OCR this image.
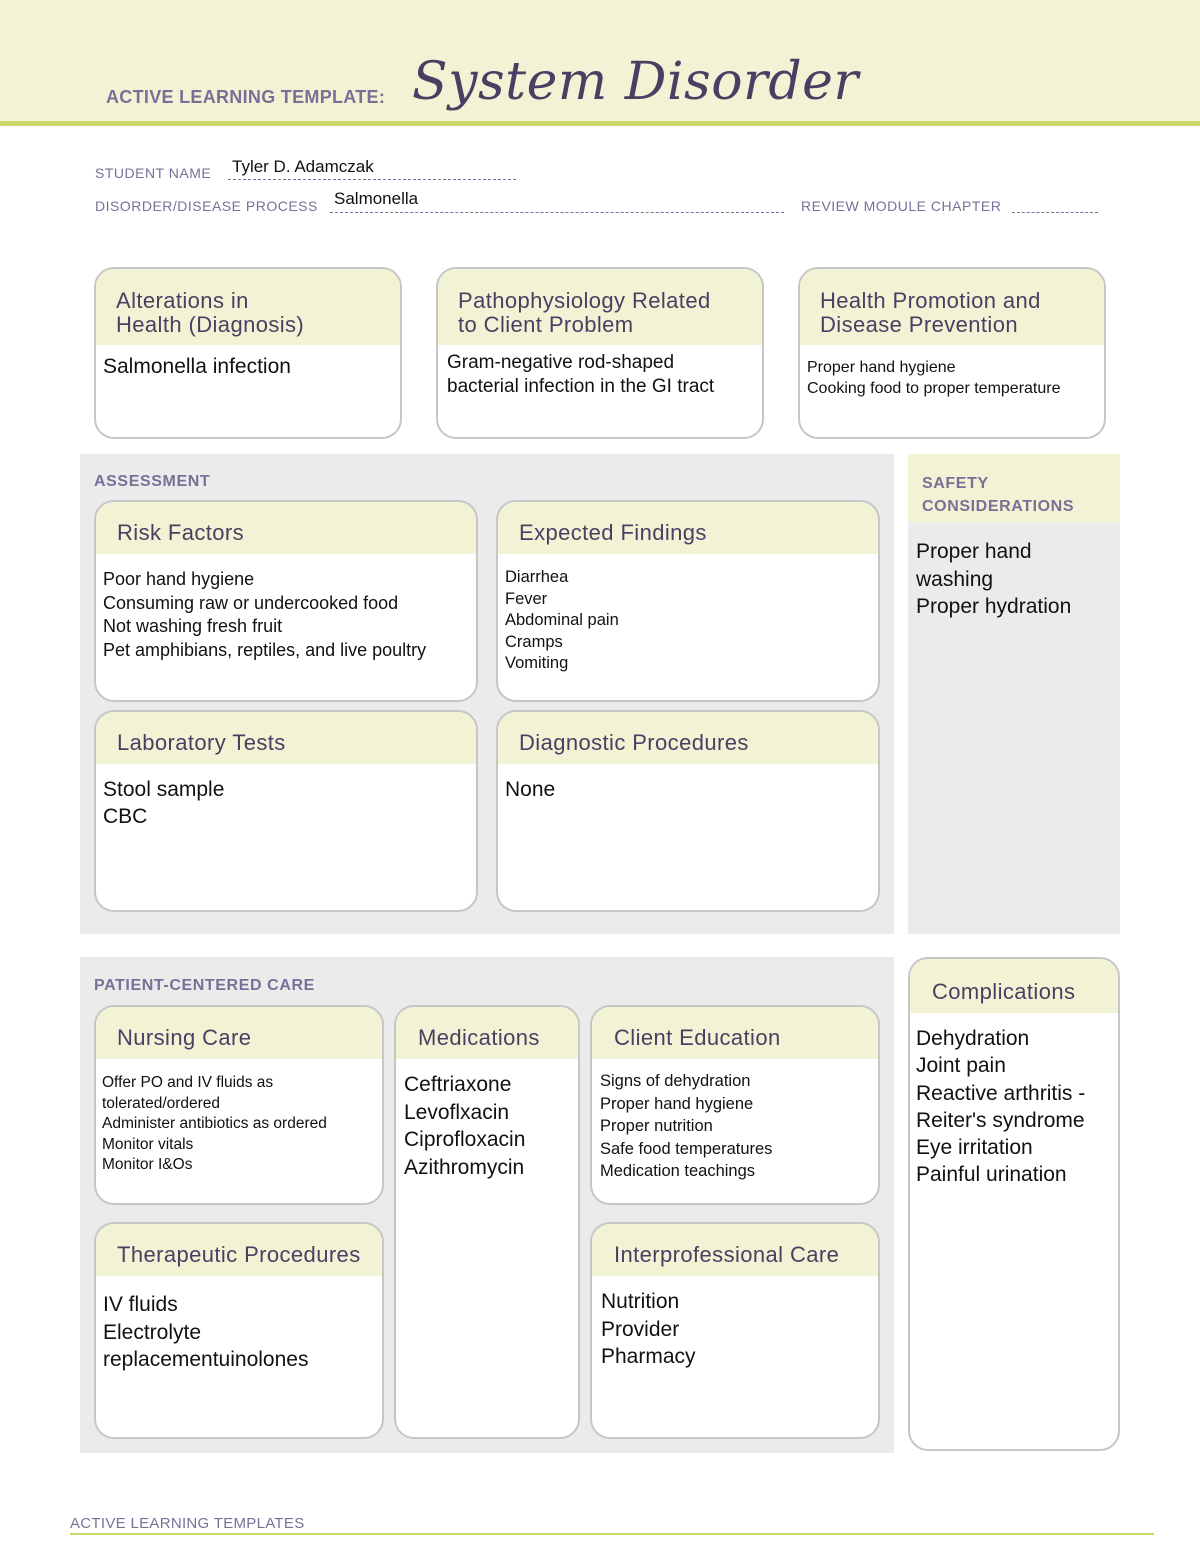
ACTIVE LEARNING TEMPLATE: System Disorder
STUDENT NAME Tyler D. Adamczak
DISORDER/DISEASE PROCESS Salmonella	REVIEW MODULE CHAPTER
Alterations in
Health (Diagnosis)
Salmonella infection
Pathophysiology Related
to Client Problem
Gram-negative rod-shaped
bacterial infection in the GI tract
Health Promotion and
Disease Prevention
Proper hand hygiene
Cooking food to proper temperature
ASSESSMENT
Risk Factors
Poor hand hygiene
Consuming raw or undercooked food
Not washing fresh fruit
Pet amphibians, reptiles, and live poultry
Expected Findings
Diarrhea
Fever
Abdominal pain
Cramps
Vomiting
Laboratory Tests
Stool sample
CBC
Diagnostic Procedures
None
SAFETY
CONSIDERATIONS
Proper hand
washing
Proper hydration
PATIENT-CENTERED CARE
Nursing Care
Offer PO and IV fluids as
tolerated/ordered
Administer antibiotics as ordered
Monitor vitals
Monitor I&Os
Medications
Ceftriaxone
Levoflxacin
Ciprofloxacin
Azithromycin
Client Education
Signs of dehydration
Proper hand hygiene
Proper nutrition
Safe food temperatures
Medication teachings
Therapeutic Procedures
IV fluids
Electrolyte
replacementuinolones
Interprofessional Care
Nutrition
Provider
Pharmacy
Complications
Dehydration
Joint pain
Reactive arthritis -
Reiter's syndrome
Eye irritation
Painful urination
ACTIVE LEARNING TEMPLATES
